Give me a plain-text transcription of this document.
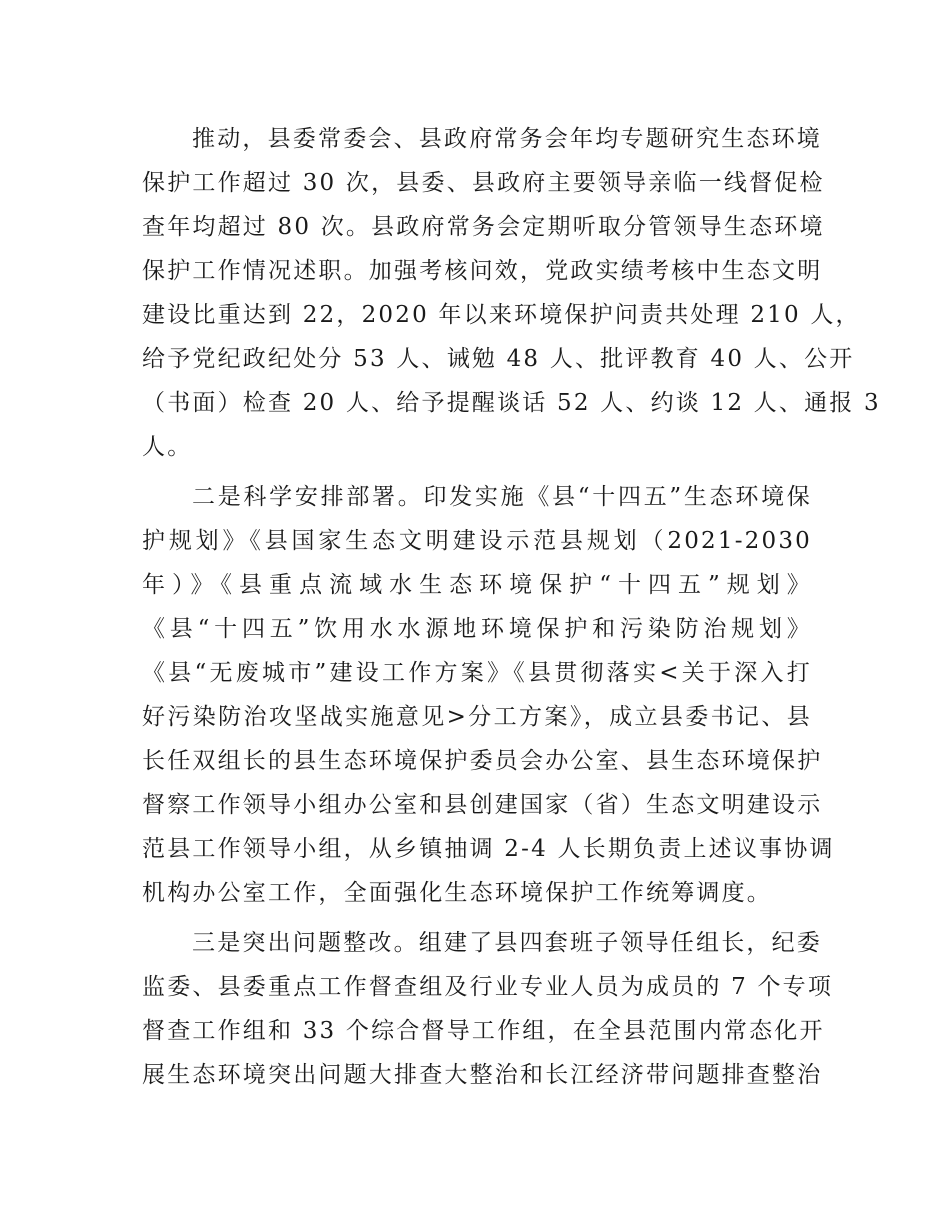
推动，县委常委会、县政府常务会年均专题研究生态环境
保护工作超过 30 次，县委、县政府主要领导亲临一线督促检
查年均超过 80 次。县政府常务会定期听取分管领导生态环境
保护工作情况述职。加强考核问效，党政实绩考核中生态文明
建设比重达到 22，2020 年以来环境保护问责共处理 210 人，
给予党纪政纪处分 53 人、诫勉 48 人、批评教育 40 人、公开
（书面）检查 20 人、给予提醒谈话 52 人、约谈 12 人、通报 3
人。
二是科学安排部署。印发实施《县“十四五”生态环境保
护规划》《县国家生态文明建设示范县规划（2021-2030
年）》《县重点流域水生态环境保护“十四五”规划》
《县“十四五”饮用水水源地环境保护和污染防治规划》
《县“无废城市”建设工作方案》《县贯彻落实<关于深入打
好污染防治攻坚战实施意见>分工方案》，成立县委书记、县
长任双组长的县生态环境保护委员会办公室、县生态环境保护
督察工作领导小组办公室和县创建国家（省）生态文明建设示
范县工作领导小组，从乡镇抽调 2-4 人长期负责上述议事协调
机构办公室工作，全面强化生态环境保护工作统筹调度。
三是突出问题整改。组建了县四套班子领导任组长，纪委
监委、县委重点工作督查组及行业专业人员为成员的 7 个专项
督查工作组和 33 个综合督导工作组，在全县范围内常态化开
展生态环境突出问题大排查大整治和长江经济带问题排查整治
